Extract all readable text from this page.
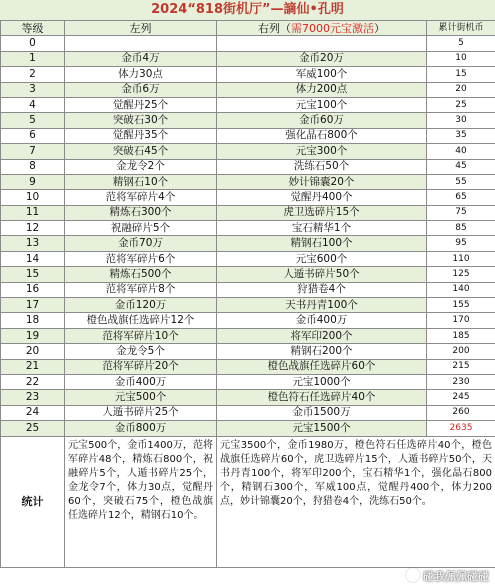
2024“818街机厅”—謫仙•孔明
等级	左列	右列（需7000元宝激活）	累计街机币
0			5
1	金币4万	金币20万	10
2	体力30点	军威100个	15
3	金币6万	体力200点	20
4	觉醒丹25个	元宝100个	25
5	突破石30个	金币60万	30
6	觉醒丹35个	强化晶石800个	35
7	突破石45个	元宝300个	40
8	金龙令2个	洗练石50个	45
9	精钢石10个	妙计锦囊20个	55
10	范将军碎片4个	觉醒丹400个	65
11	精炼石300个	虎卫选碎片15个	75
12	祝融碎片5个	宝石精华1个	85
13	金币70万	精钢石100个	95
14	范将军碎片6个	元宝600个	110
15	精炼石500个	人遁书碎片50个	125
16	范将军碎片8个	狩猎卷4个	140
17	金币120万	天书丹青100个	155
18	橙色战旗任选碎片12个	金币400万	170
19	范将军碎片10个	将军印200个	185
20	金龙令5个	精钢石200个	200
21	范将军碎片20个	橙色战旗任选碎片60个	215
22	金币400万	元宝1000个	230
23	元宝500个	橙色符石任选碎片40个	245
24	人遁书碎片25个	金币1500万	260
25	金币800万	元宝1500个	2635
统计	元宝500个，金币1400万，范将军碎片48个，精炼石800个，祝融碎片5个，人遁书碎片25个，金龙令7个，体力30点，觉醒丹60个，突破石75个，橙色战旗任选碎片12个，精钢石10个。	元宝3500个，金币1980万，橙色符石任选碎片40个，橙色战旗任选碎片60个，虎卫选碎片15个，人遁书碎片50个，天书丹青100个，将军印200个，宝石精华1个，强化晶石800个，精钢石300个，军威100点，觉醒丹400个，体力200点，妙计锦囊20个，狩猎卷4个，洗练石50个。	
碰我佩佩碰碰
